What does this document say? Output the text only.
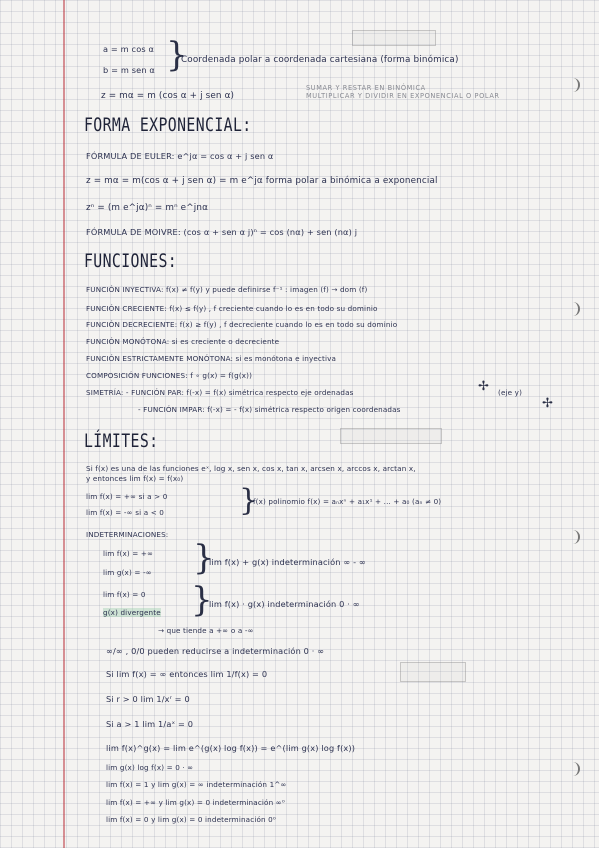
a = m cos α
b = m sen α }
Coordenada polar a coordenada cartesiana (forma binómica)
SUMAR Y RESTAR EN BINÓMICA
MULTIPLICAR Y DIVIDIR EN EXPONENCIAL O POLAR
z = mα = m (cos α + j sen α)
FORMA EXPONENCIAL:
FÓRMULA DE EULER: e^jα = cos α + j sen α
z = mα = m(cos α + j sen α) = m e^jα forma polar a binómica a exponencial
zⁿ = (m e^jα)ⁿ = mⁿ e^jnα
FÓRMULA DE MOIVRE: (cos α + sen α j)ⁿ = cos (nα) + sen (nα) j
FUNCIONES:
FUNCIÓN INYECTIVA: f(x) ≠ f(y) y puede definirse f⁻¹ : imagen (f) → dom (f)
FUNCIÓN CRECIENTE: f(x) ≤ f(y) , f creciente cuando lo es en todo su dominio
FUNCIÓN DECRECIENTE: f(x) ≥ f(y) , f decreciente cuando lo es en todo su dominio
FUNCIÓN MONÓTONA: si es creciente o decreciente
FUNCIÓN ESTRICTAMENTE MONÓTONA: si es monótona e inyectiva
COMPOSICIÓN FUNCIONES: f ∘ g(x) = f(g(x))
SIMETRÍA: - FUNCIÓN PAR: f(-x) = f(x) simétrica respecto eje ordenadas	✢ (eje y)
- FUNCIÓN IMPAR: f(-x) = - f(x) simétrica respecto origen coordenadas	✢
LÍMITES:
Si f(x) es una de las funciones eˣ, log x, sen x, cos x, tan x, arcsen x, arccos x, arctan x,
y entonces lim f(x) = f(x₀)
lim f(x) = +∞ si a > 0 }
f(x) polinomio f(x) = aₙxⁿ + a₁x¹ + ... + a₀ (aₙ ≠ 0)
lim f(x) = -∞ si a < 0
INDETERMINACIONES:
lim f(x) = +∞
lim g(x) = -∞ }
lim f(x) + g(x) indeterminación ∞ - ∞
lim f(x) = 0
g(x) divergente }
lim f(x) · g(x) indeterminación 0 · ∞
→ que tiende a +∞ o a -∞
∞/∞ , 0/0 pueden reducirse a indeterminación 0 · ∞
Si lim f(x) = ∞ entonces lim 1/f(x) = 0
Si r > 0 lim 1/xʳ = 0
Si a > 1 lim 1/aˣ = 0
lim f(x)^g(x) = lim e^(g(x) log f(x)) = e^(lim g(x) log f(x))
lim g(x) log f(x) = 0 · ∞
lim f(x) = 1 y lim g(x) = ∞ indeterminación 1^∞
lim f(x) = +∞ y lim g(x) = 0 indeterminación ∞⁰
lim f(x) = 0 y lim g(x) = 0 indeterminación 0⁰
